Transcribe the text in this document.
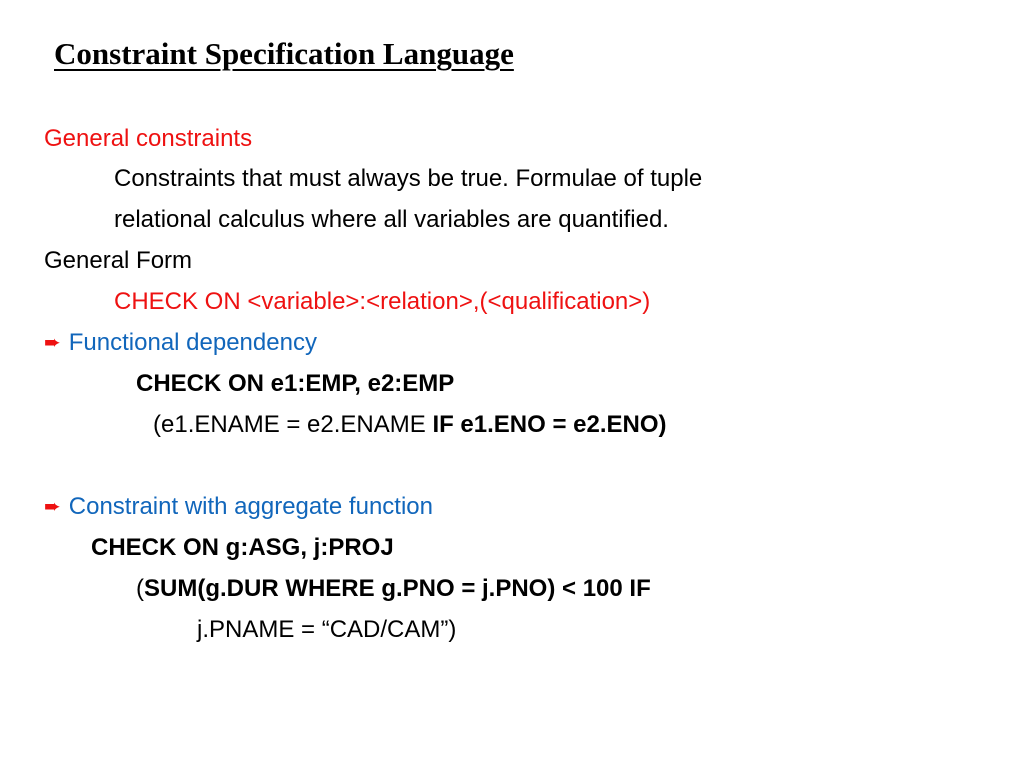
Constraint Specification Language
General constraints
Constraints that must always be true. Formulae of tuple
relational calculus where all variables are quantified.
General Form
CHECK ON <variable>:<relation>,(<qualification>)
➨ Functional dependency
CHECK ON e1:EMP, e2:EMP
(e1.ENAME = e2.ENAME IF e1.ENO = e2.ENO)
➨ Constraint with aggregate function
CHECK ON g:ASG, j:PROJ
(SUM(g.DUR WHERE g.PNO = j.PNO) < 100 IF
j.PNAME = “CAD/CAM”)
